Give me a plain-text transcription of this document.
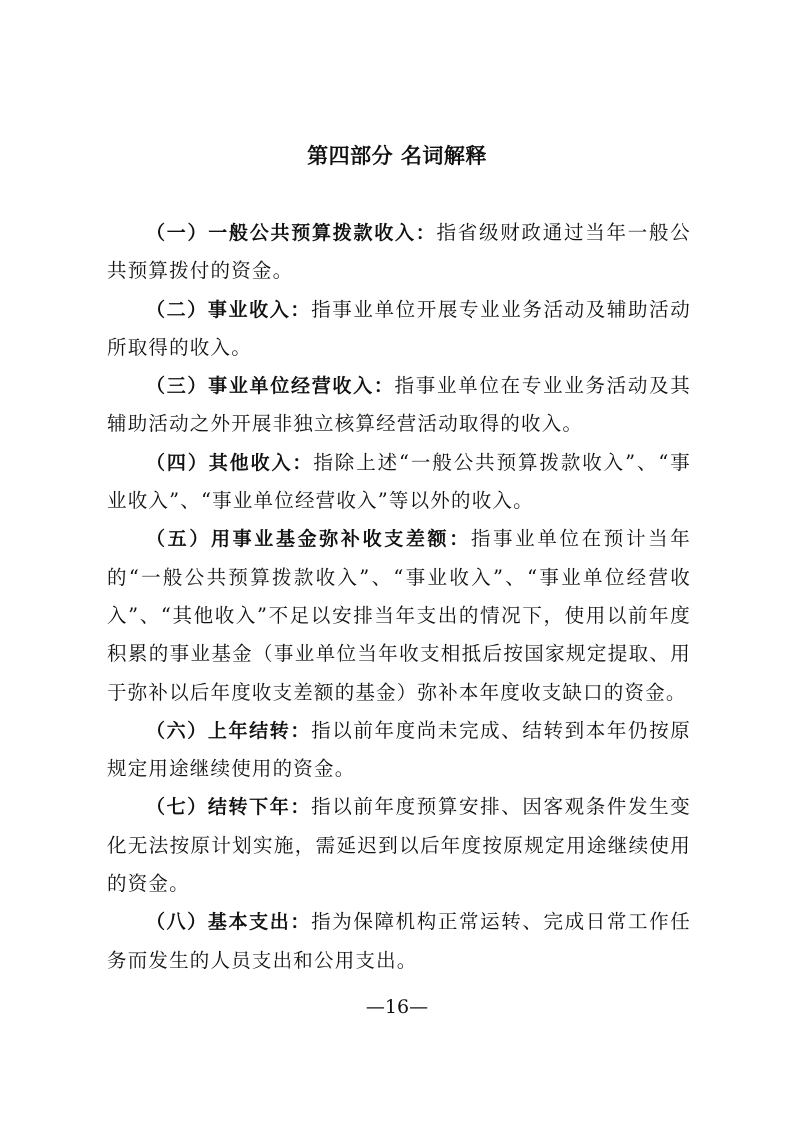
第四部分 名词解释

（一）一般公共预算拨款收入：指省级财政通过当年一般公共预算拨付的资金。

（二）事业收入：指事业单位开展专业业务活动及辅助活动所取得的收入。

（三）事业单位经营收入：指事业单位在专业业务活动及其辅助活动之外开展非独立核算经营活动取得的收入。

（四）其他收入：指除上述“一般公共预算拨款收入”、“事业收入”、“事业单位经营收入”等以外的收入。

（五）用事业基金弥补收支差额：指事业单位在预计当年的“一般公共预算拨款收入”、“事业收入”、“事业单位经营收入”、“其他收入”不足以安排当年支出的情况下，使用以前年度积累的事业基金（事业单位当年收支相抵后按国家规定提取、用于弥补以后年度收支差额的基金）弥补本年度收支缺口的资金。

（六）上年结转：指以前年度尚未完成、结转到本年仍按原规定用途继续使用的资金。

（七）结转下年：指以前年度预算安排、因客观条件发生变化无法按原计划实施，需延迟到以后年度按原规定用途继续使用的资金。

（八）基本支出：指为保障机构正常运转、完成日常工作任务而发生的人员支出和公用支出。

—16—
